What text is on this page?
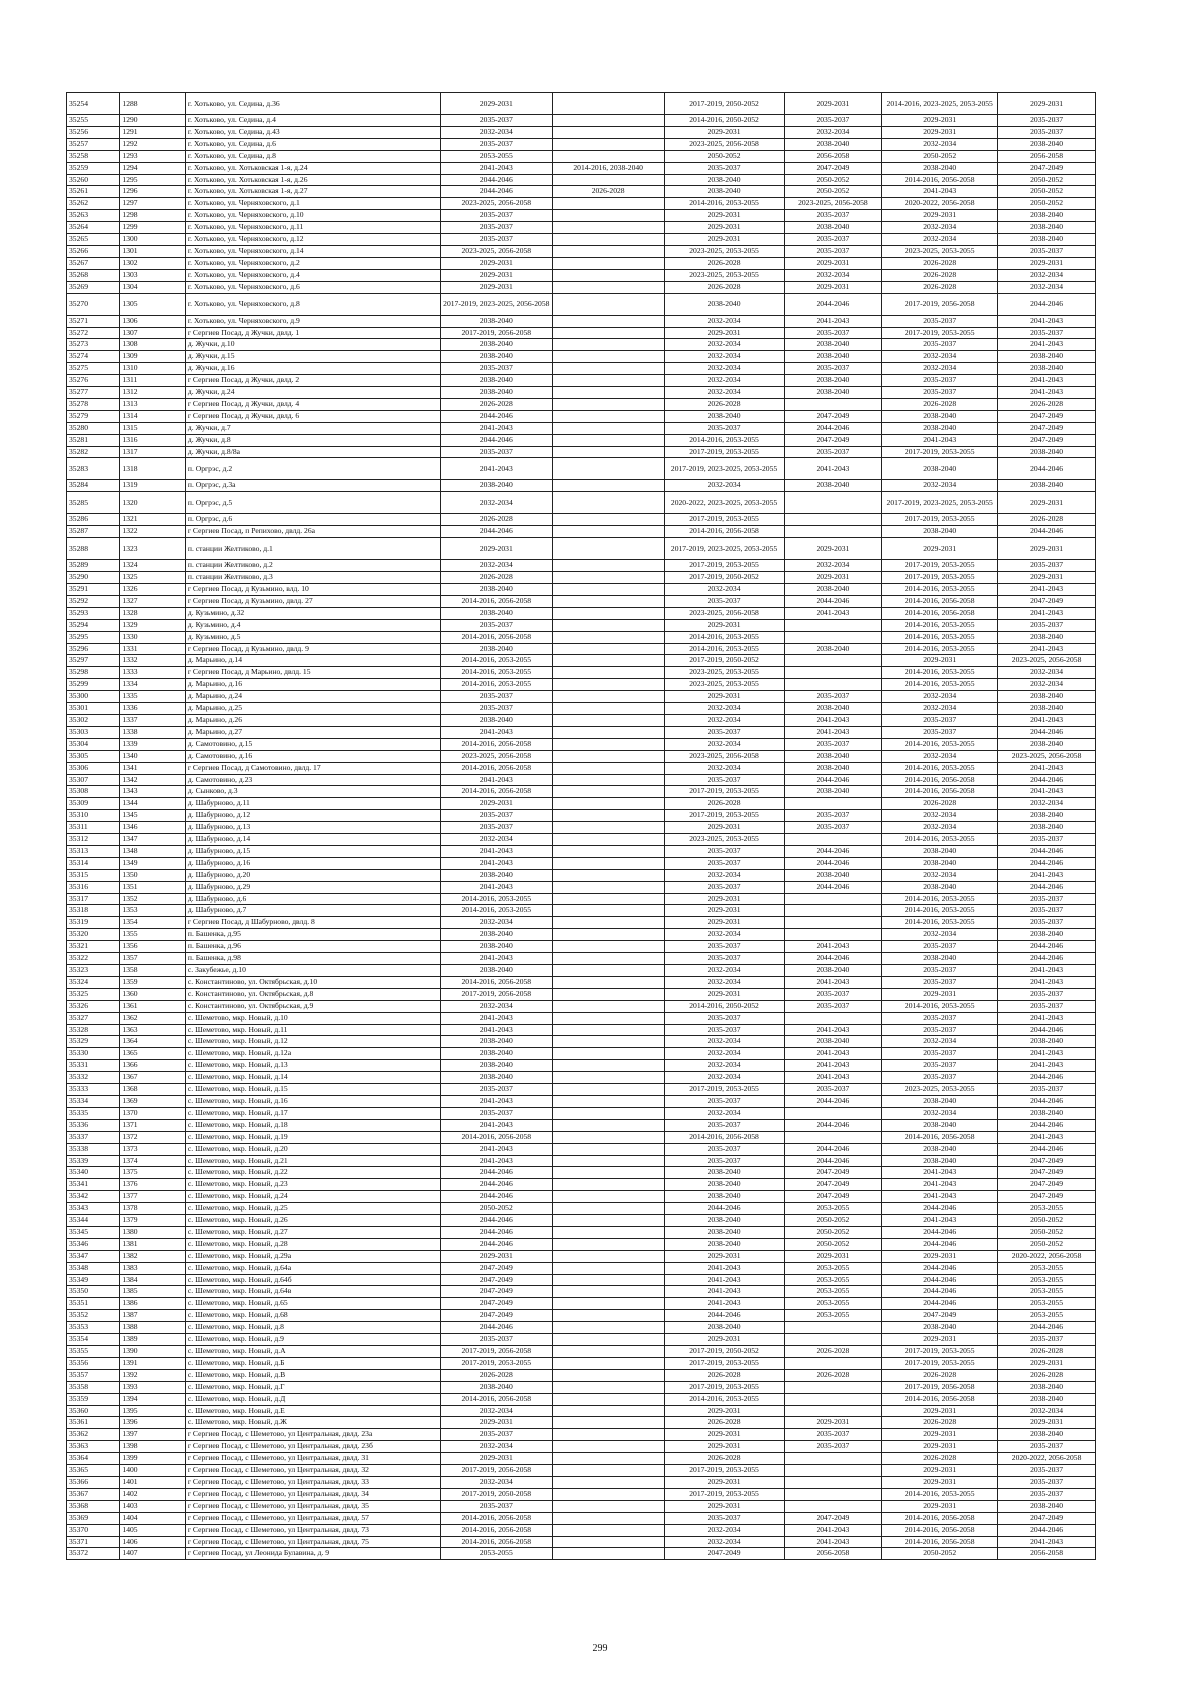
35254	1288	г. Хотьково, ул. Седина, д.36	2029-2031		2017-2019, 2050-2052	2029-2031	2014-2016, 2023-2025, 2053-2055	2029-2031
35255	1290	г. Хотьково, ул. Седина, д.4	2035-2037		2014-2016, 2050-2052	2035-2037	2029-2031	2035-2037
35256	1291	г. Хотьково, ул. Седина, д.43	2032-2034		2029-2031	2032-2034	2029-2031	2035-2037
35257	1292	г. Хотьково, ул. Седина, д.6	2035-2037		2023-2025, 2056-2058	2038-2040	2032-2034	2038-2040
35258	1293	г. Хотьково, ул. Седина, д.8	2053-2055		2050-2052	2056-2058	2050-2052	2056-2058
35259	1294	г. Хотьково, ул. Хотьковская 1-я, д.24	2041-2043	2014-2016, 2038-2040	2035-2037	2047-2049	2038-2040	2047-2049
35260	1295	г. Хотьково, ул. Хотьковская 1-я, д.26	2044-2046		2038-2040	2050-2052	2014-2016, 2056-2058	2050-2052
35261	1296	г. Хотьково, ул. Хотьковская 1-я, д.27	2044-2046	2026-2028	2038-2040	2050-2052	2041-2043	2050-2052
35262	1297	г. Хотьково, ул. Черняховского, д.1	2023-2025, 2056-2058		2014-2016, 2053-2055	2023-2025, 2056-2058	2020-2022, 2056-2058	2050-2052
35263	1298	г. Хотьково, ул. Черняховского, д.10	2035-2037		2029-2031	2035-2037	2029-2031	2038-2040
35264	1299	г. Хотьково, ул. Черняховского, д.11	2035-2037		2029-2031	2038-2040	2032-2034	2038-2040
35265	1300	г. Хотьково, ул. Черняховского, д.12	2035-2037		2029-2031	2035-2037	2032-2034	2038-2040
35266	1301	г. Хотьково, ул. Черняховского, д.14	2023-2025, 2056-2058		2023-2025, 2053-2055	2035-2037	2023-2025, 2053-2055	2035-2037
35267	1302	г. Хотьково, ул. Черняховского, д.2	2029-2031		2026-2028	2029-2031	2026-2028	2029-2031
35268	1303	г. Хотьково, ул. Черняховского, д.4	2029-2031		2023-2025, 2053-2055	2032-2034	2026-2028	2032-2034
35269	1304	г. Хотьково, ул. Черняховского, д.6	2029-2031		2026-2028	2029-2031	2026-2028	2032-2034
35270	1305	г. Хотьково, ул. Черняховского, д.8	2017-2019, 2023-2025, 2056-2058		2038-2040	2044-2046	2017-2019, 2056-2058	2044-2046
35271	1306	г. Хотьково, ул. Черняховского, д.9	2038-2040		2032-2034	2041-2043	2035-2037	2041-2043
35272	1307	г Сергиев Посад, д Жучки, двлд. 1	2017-2019, 2056-2058		2029-2031	2035-2037	2017-2019, 2053-2055	2035-2037
35273	1308	д. Жучки, д.10	2038-2040		2032-2034	2038-2040	2035-2037	2041-2043
35274	1309	д. Жучки, д.15	2038-2040		2032-2034	2038-2040	2032-2034	2038-2040
35275	1310	д. Жучки, д.16	2035-2037		2032-2034	2035-2037	2032-2034	2038-2040
35276	1311	г Сергиев Посад, д Жучки, двлд. 2	2038-2040		2032-2034	2038-2040	2035-2037	2041-2043
35277	1312	д. Жучки, д.24	2038-2040		2032-2034	2038-2040	2035-2037	2041-2043
35278	1313	г Сергиев Посад, д Жучки, двлд. 4	2026-2028		2026-2028		2026-2028	2026-2028
35279	1314	г Сергиев Посад, д Жучки, двлд. 6	2044-2046		2038-2040	2047-2049	2038-2040	2047-2049
35280	1315	д. Жучки, д.7	2041-2043		2035-2037	2044-2046	2038-2040	2047-2049
35281	1316	д. Жучки, д.8	2044-2046		2014-2016, 2053-2055	2047-2049	2041-2043	2047-2049
35282	1317	д. Жучки, д.8/8а	2035-2037		2017-2019, 2053-2055	2035-2037	2017-2019, 2053-2055	2038-2040
35283	1318	п. Оргрэс, д.2	2041-2043		2017-2019, 2023-2025, 2053-2055	2041-2043	2038-2040	2044-2046
35284	1319	п. Оргрэс, д.3а	2038-2040		2032-2034	2038-2040	2032-2034	2038-2040
35285	1320	п. Оргрэс, д.5	2032-2034		2020-2022, 2023-2025, 2053-2055		2017-2019, 2023-2025, 2053-2055	2029-2031
35286	1321	п. Оргрэс, д.6	2026-2028		2017-2019, 2053-2055		2017-2019, 2053-2055	2026-2028
35287	1322	г Сергиев Посад, п Репихово, двлд. 26а	2044-2046		2014-2016, 2056-2058		2038-2040	2044-2046
35288	1323	п. станции Желтиково, д.1	2029-2031		2017-2019, 2023-2025, 2053-2055	2029-2031	2029-2031	2029-2031
35289	1324	п. станции Желтиково, д.2	2032-2034		2017-2019, 2053-2055	2032-2034	2017-2019, 2053-2055	2035-2037
35290	1325	п. станции Желтиково, д.3	2026-2028		2017-2019, 2050-2052	2029-2031	2017-2019, 2053-2055	2029-2031
35291	1326	г Сергиев Посад, д Кузьмино, влд. 10	2038-2040		2032-2034	2038-2040	2014-2016, 2053-2055	2041-2043
35292	1327	г Сергиев Посад, д Кузьмино, двлд. 27	2014-2016, 2056-2058		2035-2037	2044-2046	2014-2016, 2056-2058	2047-2049
35293	1328	д. Кузьмино, д.32	2038-2040		2023-2025, 2056-2058	2041-2043	2014-2016, 2056-2058	2041-2043
35294	1329	д. Кузьмино, д.4	2035-2037		2029-2031		2014-2016, 2053-2055	2035-2037
35295	1330	д. Кузьмино, д.5	2014-2016, 2056-2058		2014-2016, 2053-2055		2014-2016, 2053-2055	2038-2040
35296	1331	г Сергиев Посад, д Кузьмино, двлд. 9	2038-2040		2014-2016, 2053-2055	2038-2040	2014-2016, 2053-2055	2041-2043
35297	1332	д. Марьино, д.14	2014-2016, 2053-2055		2017-2019, 2050-2052		2029-2031	2023-2025, 2056-2058
35298	1333	г Сергиев Посад, д Марьино, двлд. 15	2014-2016, 2053-2055		2023-2025, 2053-2055		2014-2016, 2053-2055	2032-2034
35299	1334	д. Марьино, д.16	2014-2016, 2053-2055		2023-2025, 2053-2055		2014-2016, 2053-2055	2032-2034
35300	1335	д. Марьино, д.24	2035-2037		2029-2031	2035-2037	2032-2034	2038-2040
35301	1336	д. Марьино, д.25	2035-2037		2032-2034	2038-2040	2032-2034	2038-2040
35302	1337	д. Марьино, д.26	2038-2040		2032-2034	2041-2043	2035-2037	2041-2043
35303	1338	д. Марьино, д.27	2041-2043		2035-2037	2041-2043	2035-2037	2044-2046
35304	1339	д. Самотовино, д.15	2014-2016, 2056-2058		2032-2034	2035-2037	2014-2016, 2053-2055	2038-2040
35305	1340	д. Самотовино, д.16	2023-2025, 2056-2058		2023-2025, 2056-2058	2038-2040	2032-2034	2023-2025, 2056-2058
35306	1341	г Сергиев Посад, д Самотовино, двлд. 17	2014-2016, 2056-2058		2032-2034	2038-2040	2014-2016, 2053-2055	2041-2043
35307	1342	д. Самотовино, д.23	2041-2043		2035-2037	2044-2046	2014-2016, 2056-2058	2044-2046
35308	1343	д. Сынково, д.3	2014-2016, 2056-2058		2017-2019, 2053-2055	2038-2040	2014-2016, 2056-2058	2041-2043
35309	1344	д. Шабурново, д.11	2029-2031		2026-2028		2026-2028	2032-2034
35310	1345	д. Шабурново, д.12	2035-2037		2017-2019, 2053-2055	2035-2037	2032-2034	2038-2040
35311	1346	д. Шабурново, д.13	2035-2037		2029-2031	2035-2037	2032-2034	2038-2040
35312	1347	д. Шабурново, д.14	2032-2034		2023-2025, 2053-2055		2014-2016, 2053-2055	2035-2037
35313	1348	д. Шабурново, д.15	2041-2043		2035-2037	2044-2046	2038-2040	2044-2046
35314	1349	д. Шабурново, д.16	2041-2043		2035-2037	2044-2046	2038-2040	2044-2046
35315	1350	д. Шабурново, д.20	2038-2040		2032-2034	2038-2040	2032-2034	2041-2043
35316	1351	д. Шабурново, д.29	2041-2043		2035-2037	2044-2046	2038-2040	2044-2046
35317	1352	д. Шабурново, д.6	2014-2016, 2053-2055		2029-2031		2014-2016, 2053-2055	2035-2037
35318	1353	д. Шабурново, д.7	2014-2016, 2053-2055		2029-2031		2014-2016, 2053-2055	2035-2037
35319	1354	г Сергиев Посад, д Шабурново, двлд. 8	2032-2034		2029-2031		2014-2016, 2053-2055	2035-2037
35320	1355	п. Башенка, д.95	2038-2040		2032-2034		2032-2034	2038-2040
35321	1356	п. Башенка, д.96	2038-2040		2035-2037	2041-2043	2035-2037	2044-2046
35322	1357	п. Башенка, д.98	2041-2043		2035-2037	2044-2046	2038-2040	2044-2046
35323	1358	с. Закубежье, д.10	2038-2040		2032-2034	2038-2040	2035-2037	2041-2043
35324	1359	с. Константиново, ул. Октябрьская, д.10	2014-2016, 2056-2058		2032-2034	2041-2043	2035-2037	2041-2043
35325	1360	с. Константиново, ул. Октябрьская, д.8	2017-2019, 2056-2058		2029-2031	2035-2037	2029-2031	2035-2037
35326	1361	с. Константиново, ул. Октябрьская, д.9	2032-2034		2014-2016, 2050-2052	2035-2037	2014-2016, 2053-2055	2035-2037
35327	1362	с. Шеметово, мкр. Новый, д.10	2041-2043		2035-2037		2035-2037	2041-2043
35328	1363	с. Шеметово, мкр. Новый, д.11	2041-2043		2035-2037	2041-2043	2035-2037	2044-2046
35329	1364	с. Шеметово, мкр. Новый, д.12	2038-2040		2032-2034	2038-2040	2032-2034	2038-2040
35330	1365	с. Шеметово, мкр. Новый, д.12а	2038-2040		2032-2034	2041-2043	2035-2037	2041-2043
35331	1366	с. Шеметово, мкр. Новый, д.13	2038-2040		2032-2034	2041-2043	2035-2037	2041-2043
35332	1367	с. Шеметово, мкр. Новый, д.14	2038-2040		2032-2034	2041-2043	2035-2037	2044-2046
35333	1368	с. Шеметово, мкр. Новый, д.15	2035-2037		2017-2019, 2053-2055	2035-2037	2023-2025, 2053-2055	2035-2037
35334	1369	с. Шеметово, мкр. Новый, д.16	2041-2043		2035-2037	2044-2046	2038-2040	2044-2046
35335	1370	с. Шеметово, мкр. Новый, д.17	2035-2037		2032-2034		2032-2034	2038-2040
35336	1371	с. Шеметово, мкр. Новый, д.18	2041-2043		2035-2037	2044-2046	2038-2040	2044-2046
35337	1372	с. Шеметово, мкр. Новый, д.19	2014-2016, 2056-2058		2014-2016, 2056-2058		2014-2016, 2056-2058	2041-2043
35338	1373	с. Шеметово, мкр. Новый, д.20	2041-2043		2035-2037	2044-2046	2038-2040	2044-2046
35339	1374	с. Шеметово, мкр. Новый, д.21	2041-2043		2035-2037	2044-2046	2038-2040	2047-2049
35340	1375	с. Шеметово, мкр. Новый, д.22	2044-2046		2038-2040	2047-2049	2041-2043	2047-2049
35341	1376	с. Шеметово, мкр. Новый, д.23	2044-2046		2038-2040	2047-2049	2041-2043	2047-2049
35342	1377	с. Шеметово, мкр. Новый, д.24	2044-2046		2038-2040	2047-2049	2041-2043	2047-2049
35343	1378	с. Шеметово, мкр. Новый, д.25	2050-2052		2044-2046	2053-2055	2044-2046	2053-2055
35344	1379	с. Шеметово, мкр. Новый, д.26	2044-2046		2038-2040	2050-2052	2041-2043	2050-2052
35345	1380	с. Шеметово, мкр. Новый, д.27	2044-2046		2038-2040	2050-2052	2044-2046	2050-2052
35346	1381	с. Шеметово, мкр. Новый, д.28	2044-2046		2038-2040	2050-2052	2044-2046	2050-2052
35347	1382	с. Шеметово, мкр. Новый, д.29а	2029-2031		2029-2031	2029-2031	2029-2031	2020-2022, 2056-2058
35348	1383	с. Шеметово, мкр. Новый, д.64а	2047-2049		2041-2043	2053-2055	2044-2046	2053-2055
35349	1384	с. Шеметово, мкр. Новый, д.64б	2047-2049		2041-2043	2053-2055	2044-2046	2053-2055
35350	1385	с. Шеметово, мкр. Новый, д.64в	2047-2049		2041-2043	2053-2055	2044-2046	2053-2055
35351	1386	с. Шеметово, мкр. Новый, д.65	2047-2049		2041-2043	2053-2055	2044-2046	2053-2055
35352	1387	с. Шеметово, мкр. Новый, д.68	2047-2049		2044-2046	2053-2055	2047-2049	2053-2055
35353	1388	с. Шеметово, мкр. Новый, д.8	2044-2046		2038-2040		2038-2040	2044-2046
35354	1389	с. Шеметово, мкр. Новый, д.9	2035-2037		2029-2031		2029-2031	2035-2037
35355	1390	с. Шеметово, мкр. Новый, д.А	2017-2019, 2056-2058		2017-2019, 2050-2052	2026-2028	2017-2019, 2053-2055	2026-2028
35356	1391	с. Шеметово, мкр. Новый, д.Б	2017-2019, 2053-2055		2017-2019, 2053-2055		2017-2019, 2053-2055	2029-2031
35357	1392	с. Шеметово, мкр. Новый, д.В	2026-2028		2026-2028	2026-2028	2026-2028	2026-2028
35358	1393	с. Шеметово, мкр. Новый, д.Г	2038-2040		2017-2019, 2053-2055		2017-2019, 2056-2058	2038-2040
35359	1394	с. Шеметово, мкр. Новый, д.Д	2014-2016, 2056-2058		2014-2016, 2053-2055		2014-2016, 2056-2058	2038-2040
35360	1395	с. Шеметово, мкр. Новый, д.Е	2032-2034		2029-2031		2029-2031	2032-2034
35361	1396	с. Шеметово, мкр. Новый, д.Ж	2029-2031		2026-2028	2029-2031	2026-2028	2029-2031
35362	1397	г Сергиев Посад, с Шеметово, ул Центральная, двлд. 23а	2035-2037		2029-2031	2035-2037	2029-2031	2038-2040
35363	1398	г Сергиев Посад, с Шеметово, ул Центральная, двлд. 23б	2032-2034		2029-2031	2035-2037	2029-2031	2035-2037
35364	1399	г Сергиев Посад, с Шеметово, ул Центральная, двлд. 31	2029-2031		2026-2028		2026-2028	2020-2022, 2056-2058
35365	1400	г Сергиев Посад, с Шеметово, ул Центральная, двлд. 32	2017-2019, 2056-2058		2017-2019, 2053-2055		2029-2031	2035-2037
35366	1401	г Сергиев Посад, с Шеметово, ул Центральная, двлд. 33	2032-2034		2029-2031		2029-2031	2035-2037
35367	1402	г Сергиев Посад, с Шеметово, ул Центральная, двлд. 34	2017-2019, 2050-2058		2017-2019, 2053-2055		2014-2016, 2053-2055	2035-2037
35368	1403	г Сергиев Посад, с Шеметово, ул Центральная, двлд. 35	2035-2037		2029-2031		2029-2031	2038-2040
35369	1404	г Сергиев Посад, с Шеметово, ул Центральная, двлд. 57	2014-2016, 2056-2058		2035-2037	2047-2049	2014-2016, 2056-2058	2047-2049
35370	1405	г Сергиев Посад, с Шеметово, ул Центральная, двлд. 73	2014-2016, 2056-2058		2032-2034	2041-2043	2014-2016, 2056-2058	2044-2046
35371	1406	г Сергиев Посад, с Шеметово, ул Центральная, двлд. 75	2014-2016, 2056-2058		2032-2034	2041-2043	2014-2016, 2056-2058	2041-2043
35372	1407	г Сергиев Посад, ул Леонида Булавина, д. 9	2053-2055		2047-2049	2056-2058	2050-2052	2056-2058
299
